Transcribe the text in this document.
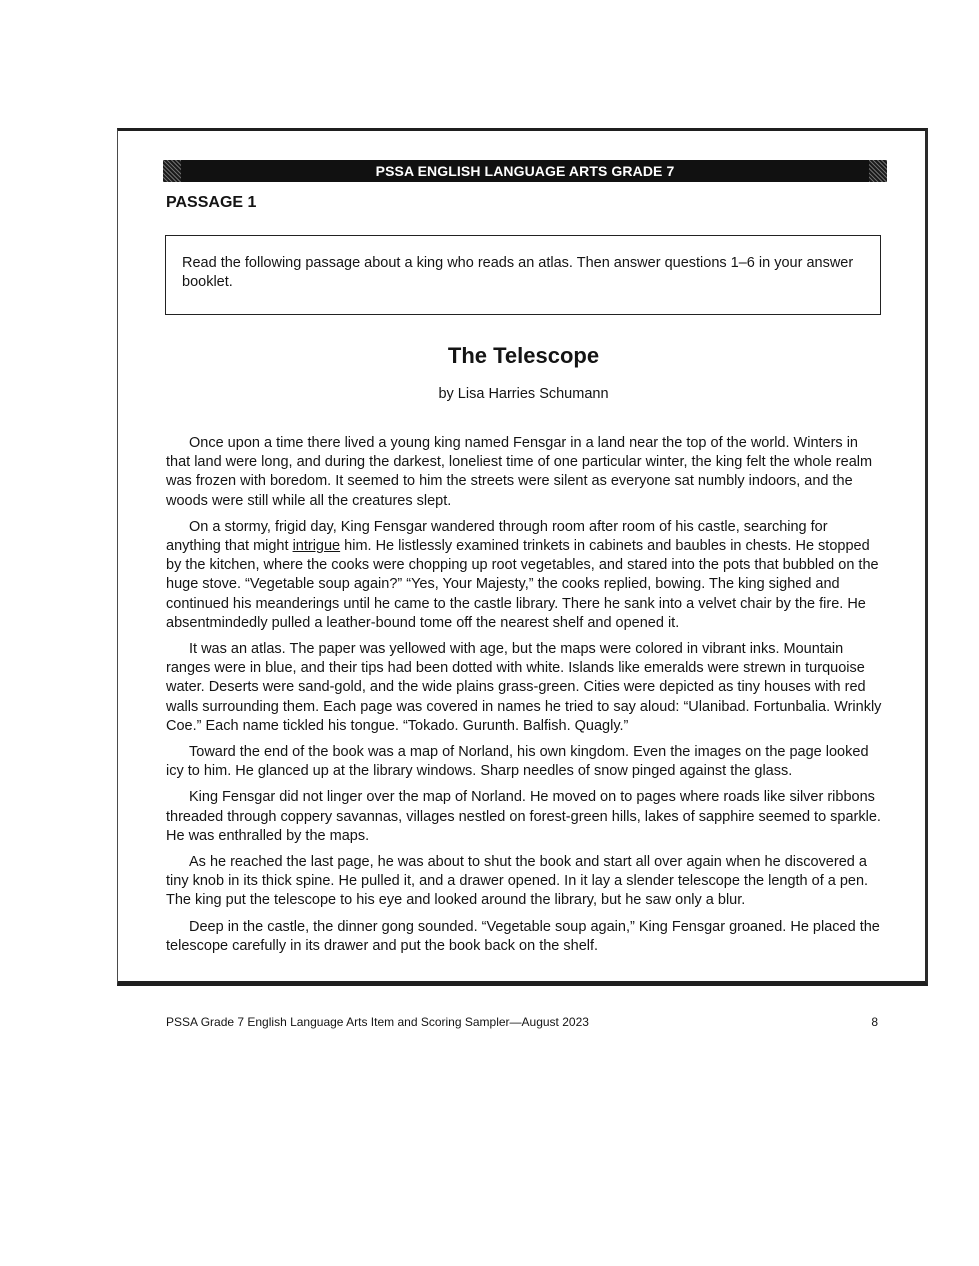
PSSA ENGLISH LANGUAGE ARTS GRADE 7
PASSAGE 1
Read the following passage about a king who reads an atlas. Then answer questions 1–6 in your answer booklet.
The Telescope
by Lisa Harries Schumann

Once upon a time there lived a young king named Fensgar in a land near the top of the world. Winters in that land were long, and during the darkest, loneliest time of one particular winter, the king felt the whole realm was frozen with boredom. It seemed to him the streets were silent as everyone sat numbly indoors, and the woods were still while all the creatures slept.

On a stormy, frigid day, King Fensgar wandered through room after room of his castle, searching for anything that might intrigue him. He listlessly examined trinkets in cabinets and baubles in chests. He stopped by the kitchen, where the cooks were chopping up root vegetables, and stared into the pots that bubbled on the huge stove. “Vegetable soup again?” “Yes, Your Majesty,” the cooks replied, bowing. The king sighed and continued his meanderings until he came to the castle library. There he sank into a velvet chair by the fire. He absentmindedly pulled a leather-bound tome off the nearest shelf and opened it.

It was an atlas. The paper was yellowed with age, but the maps were colored in vibrant inks. Mountain ranges were in blue, and their tips had been dotted with white. Islands like emeralds were strewn in turquoise water. Deserts were sand-gold, and the wide plains grass-green. Cities were depicted as tiny houses with red walls surrounding them. Each page was covered in names he tried to say aloud: “Ulanibad. Fortunbalia. Wrinkly Coe.” Each name tickled his tongue. “Tokado. Gurunth. Balfish. Quagly.”

Toward the end of the book was a map of Norland, his own kingdom. Even the images on the page looked icy to him. He glanced up at the library windows. Sharp needles of snow pinged against the glass.

King Fensgar did not linger over the map of Norland. He moved on to pages where roads like silver ribbons threaded through coppery savannas, villages nestled on forest-green hills, lakes of sapphire seemed to sparkle. He was enthralled by the maps.

As he reached the last page, he was about to shut the book and start all over again when he discovered a tiny knob in its thick spine. He pulled it, and a drawer opened. In it lay a slender telescope the length of a pen. The king put the telescope to his eye and looked around the library, but he saw only a blur.

Deep in the castle, the dinner gong sounded. “Vegetable soup again,” King Fensgar groaned. He placed the telescope carefully in its drawer and put the book back on the shelf.

PSSA Grade 7 English Language Arts Item and Scoring Sampler—August 2023	8
